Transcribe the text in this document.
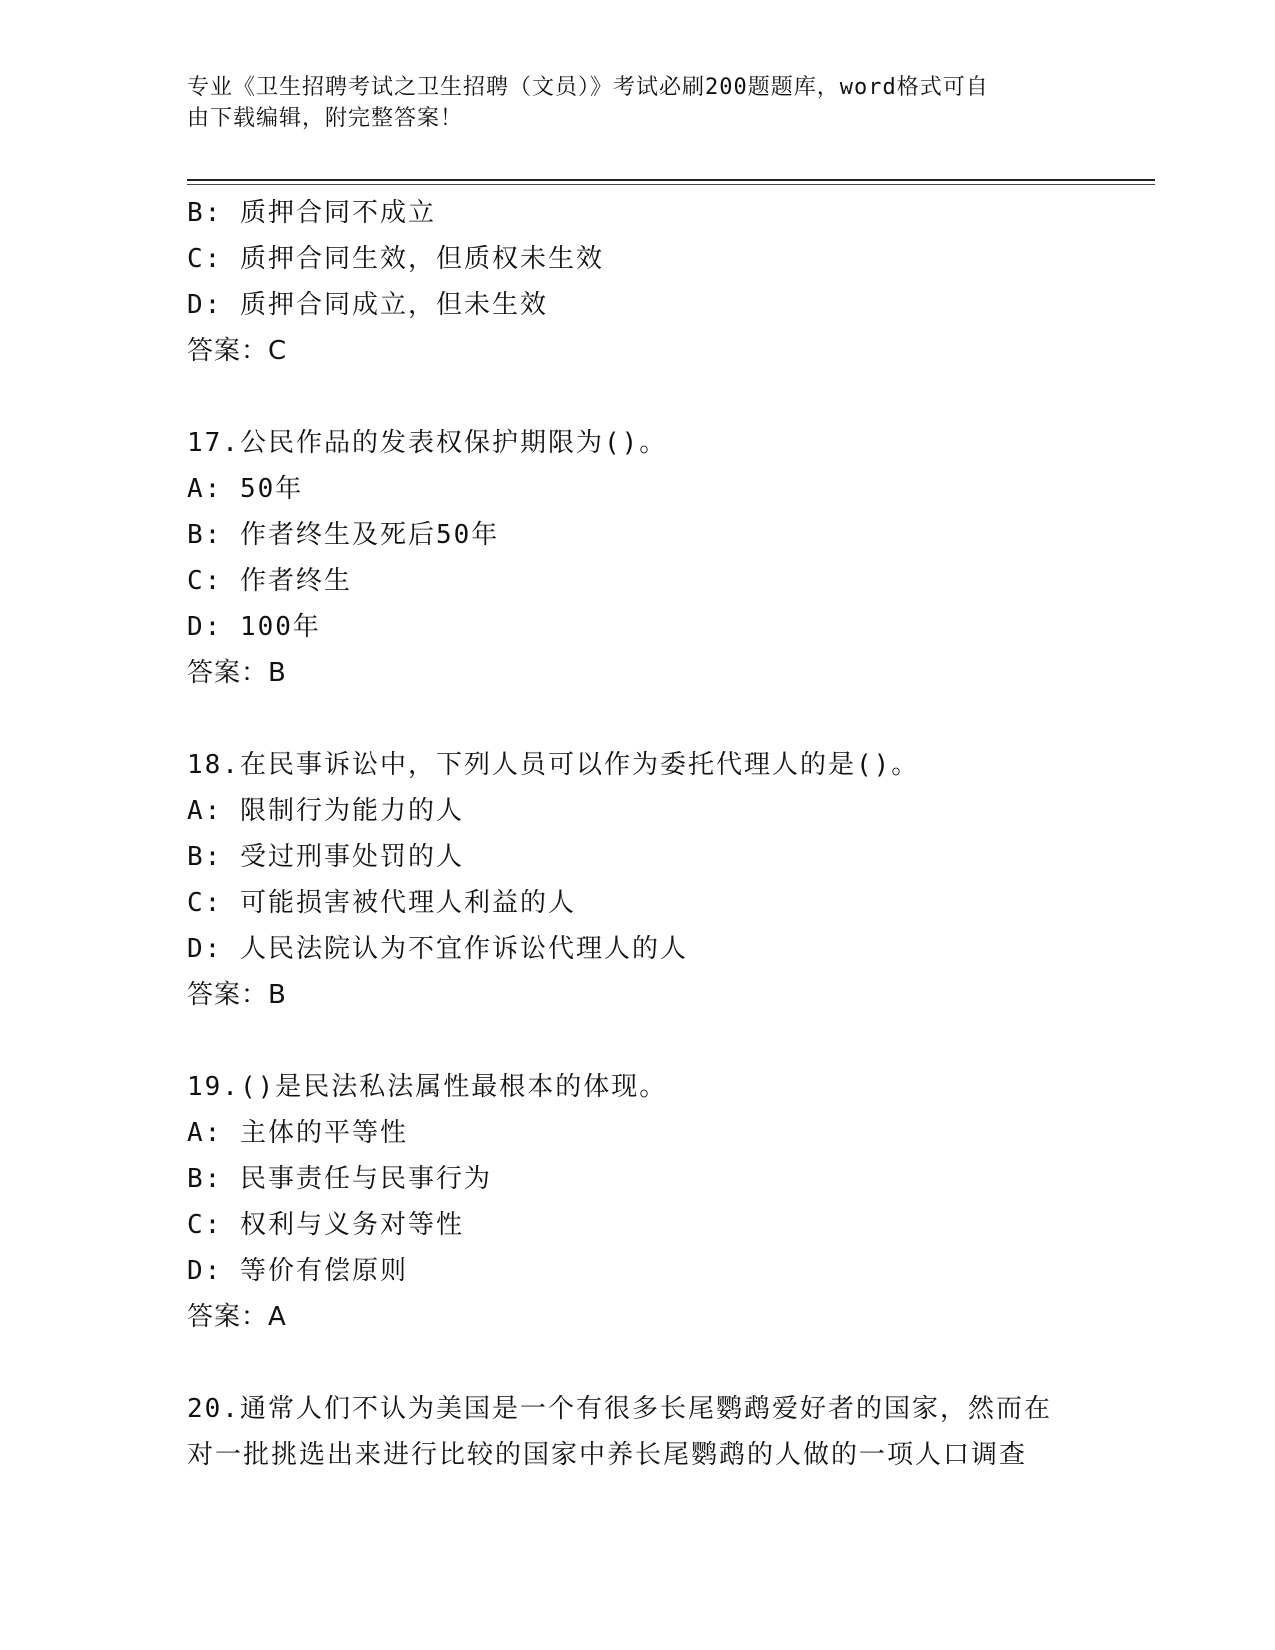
专业《卫生招聘考试之卫生招聘（文员）》考试必刷200题题库，word格式可自
由下载编辑，附完整答案！
B: 质押合同不成立
C: 质押合同生效，但质权未生效
D: 质押合同成立，但未生效
答案：C
17.公民作品的发表权保护期限为()。
A: 50年
B: 作者终生及死后50年
C: 作者终生
D: 100年
答案：B
18.在民事诉讼中，下列人员可以作为委托代理人的是()。
A: 限制行为能力的人
B: 受过刑事处罚的人
C: 可能损害被代理人利益的人
D: 人民法院认为不宜作诉讼代理人的人
答案：B
19.()是民法私法属性最根本的体现。
A: 主体的平等性
B: 民事责任与民事行为
C: 权利与义务对等性
D: 等价有偿原则
答案：A
20.通常人们不认为美国是一个有很多长尾鹦鹉爱好者的国家，然而在
对一批挑选出来进行比较的国家中养长尾鹦鹉的人做的一项人口调查
